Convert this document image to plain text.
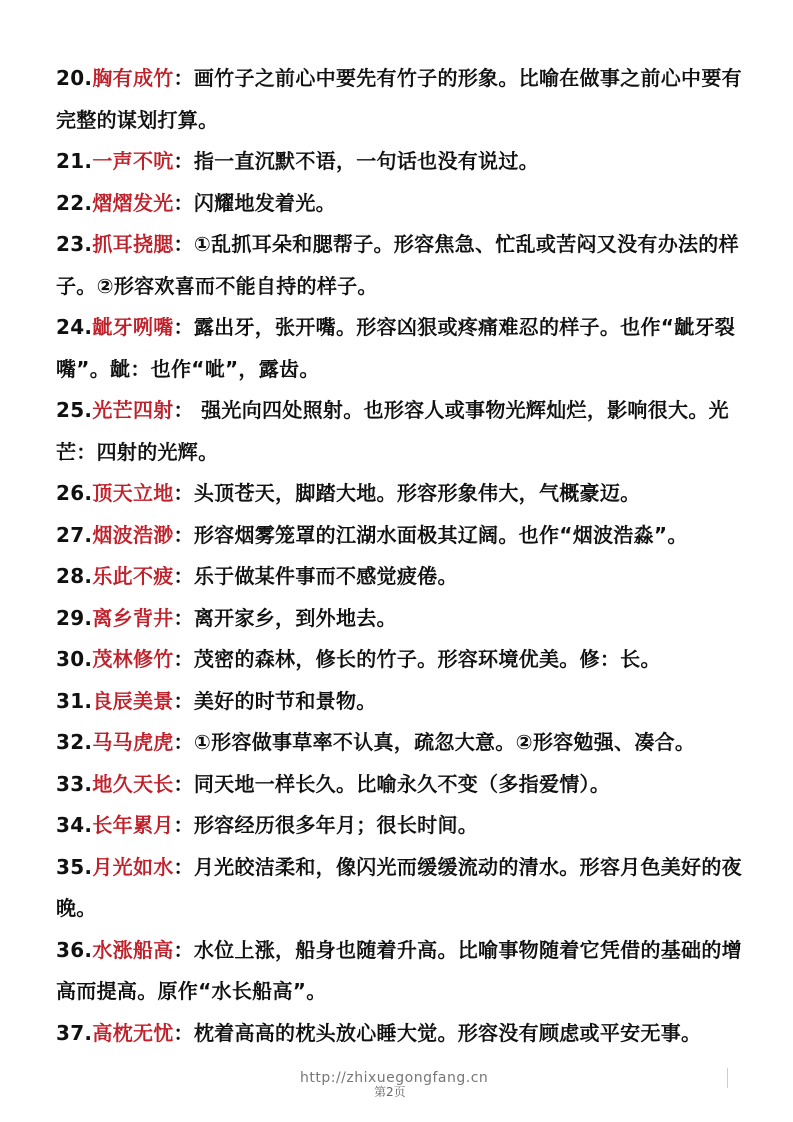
20.胸有成竹：画竹子之前心中要先有竹子的形象。比喻在做事之前心中要有完整的谋划打算。

21.一声不吭：指一直沉默不语，一句话也没有说过。

22.熠熠发光：闪耀地发着光。

23.抓耳挠腮：①乱抓耳朵和腮帮子。形容焦急、忙乱或苦闷又没有办法的样子。②形容欢喜而不能自持的样子。

24.龇牙咧嘴：露出牙，张开嘴。形容凶狠或疼痛难忍的样子。也作“龇牙裂嘴”。龇：也作“呲”，露齿。

25.光芒四射： 强光向四处照射。也形容人或事物光辉灿烂，影响很大。光芒：四射的光辉。

26.顶天立地：头顶苍天，脚踏大地。形容形象伟大，气概豪迈。

27.烟波浩渺：形容烟雾笼罩的江湖水面极其辽阔。也作“烟波浩淼”。

28.乐此不疲：乐于做某件事而不感觉疲倦。

29.离乡背井：离开家乡，到外地去。

30.茂林修竹：茂密的森林，修长的竹子。形容环境优美。修：长。

31.良辰美景：美好的时节和景物。

32.马马虎虎：①形容做事草率不认真，疏忽大意。②形容勉强、凑合。

33.地久天长：同天地一样长久。比喻永久不变（多指爱情）。

34.长年累月：形容经历很多年月；很长时间。

35.月光如水：月光皎洁柔和，像闪光而缓缓流动的清水。形容月色美好的夜晚。

36.水涨船高：水位上涨，船身也随着升高。比喻事物随着它凭借的基础的增高而提高。原作“水长船高”。

37.高枕无忧：枕着高高的枕头放心睡大觉。形容没有顾虑或平安无事。

http://zhixuegongfang.cn
第2页
